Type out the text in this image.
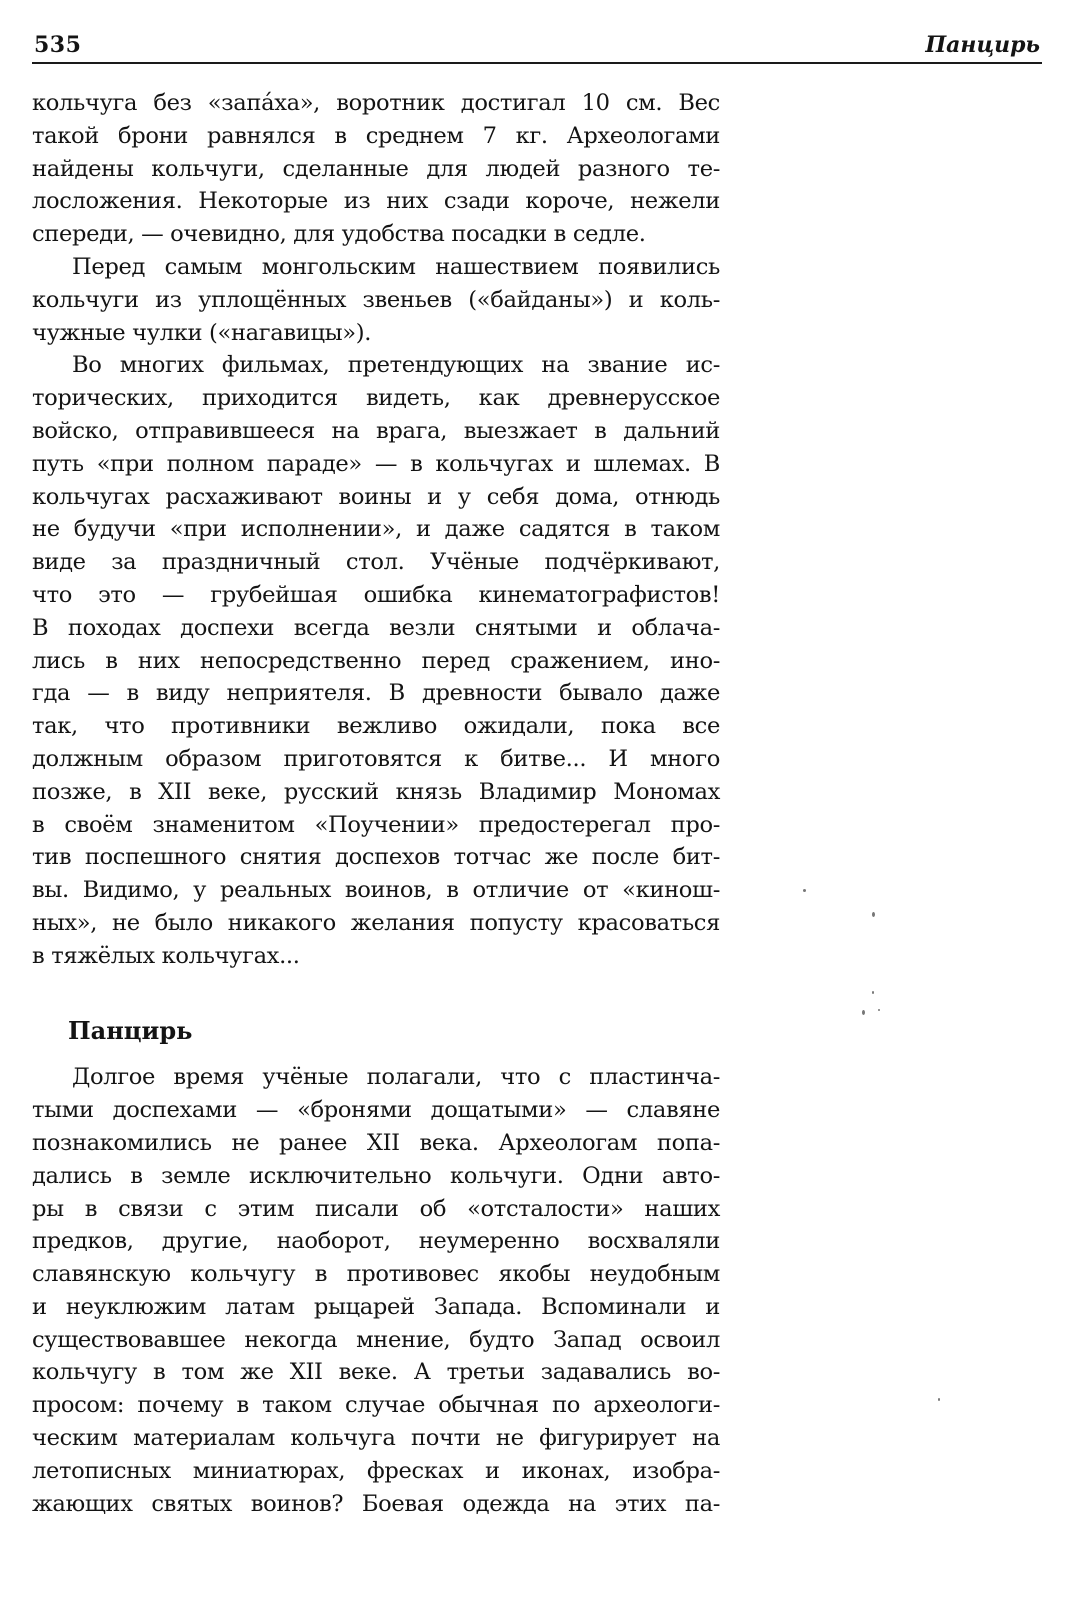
535	Панцирь
кольчуга без «запа́ха», воротник достигал 10 см. Вес
такой брони равнялся в среднем 7 кг. Археологами
найдены кольчуги, сделанные для людей разного те-
лосложения. Некоторые из них сзади короче, нежели
спереди, — очевидно, для удобства посадки в седле.
Перед самым монгольским нашествием появились
кольчуги из уплощённых звеньев («байданы») и коль-
чужные чулки («нагавицы»).
Во многих фильмах, претендующих на звание ис-
торических, приходится видеть, как древнерусское
войско, отправившееся на врага, выезжает в дальний
путь «при полном параде» — в кольчугах и шлемах. В
кольчугах расхаживают воины и у себя дома, отнюдь
не будучи «при исполнении», и даже садятся в таком
виде за праздничный стол. Учёные подчёркивают,
что это — грубейшая ошибка кинематографистов!
В походах доспехи всегда везли снятыми и облача-
лись в них непосредственно перед сражением, ино-
гда — в виду неприятеля. В древности бывало даже
так, что противники вежливо ожидали, пока все
должным образом приготовятся к битве... И много
позже, в XII веке, русский князь Владимир Мономах
в своём знаменитом «Поучении» предостерегал про-
тив поспешного снятия доспехов тотчас же после бит-
вы. Видимо, у реальных воинов, в отличие от «кинош-
ных», не было никакого желания попусту красоваться
в тяжёлых кольчугах...
Панцирь
Долгое время учёные полагали, что с пластинча-
тыми доспехами — «бронями дощатыми» — славяне
познакомились не ранее XII века. Археологам попа-
дались в земле исключительно кольчуги. Одни авто-
ры в связи с этим писали об «отсталости» наших
предков, другие, наоборот, неумеренно восхваляли
славянскую кольчугу в противовес якобы неудобным
и неуклюжим латам рыцарей Запада. Вспоминали и
существовавшее некогда мнение, будто Запад освоил
кольчугу в том же XII веке. А третьи задавались во-
просом: почему в таком случае обычная по археологи-
ческим материалам кольчуга почти не фигурирует на
летописных миниатюрах, фресках и иконах, изобра-
жающих святых воинов? Боевая одежда на этих па-
